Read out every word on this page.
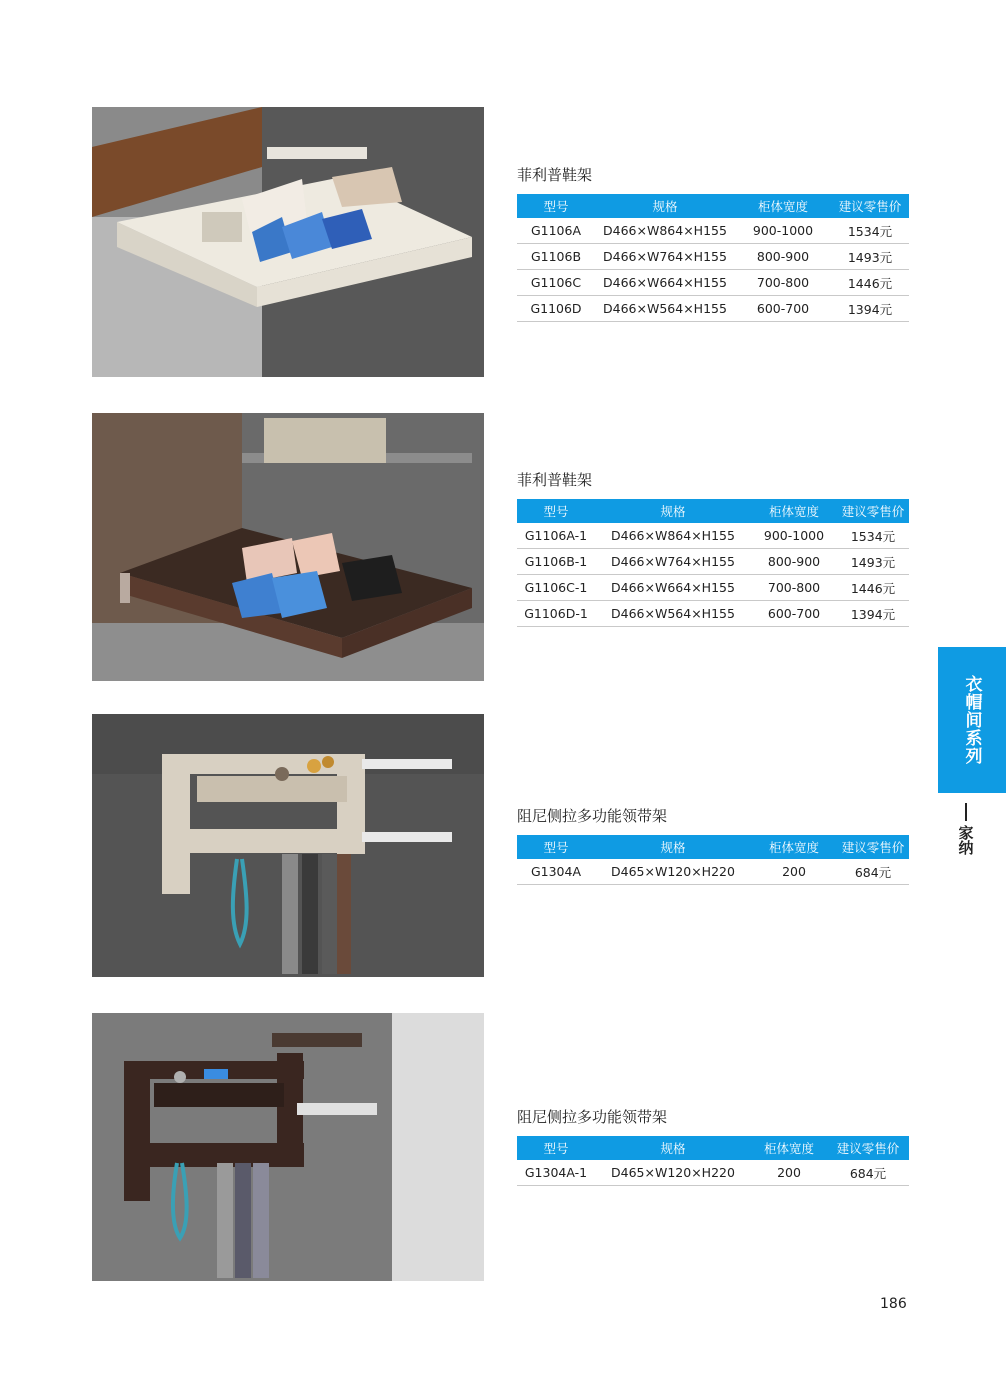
菲利普鞋架
型号	规格	柜体宽度	建议零售价
G1106A	D466×W864×H155	900-1000	1534元
G1106B	D466×W764×H155	800-900	1493元
G1106C	D466×W664×H155	700-800	1446元
G1106D	D466×W564×H155	600-700	1394元
菲利普鞋架
型号	规格	柜体宽度	建议零售价
G1106A-1	D466×W864×H155	900-1000	1534元
G1106B-1	D466×W764×H155	800-900	1493元
G1106C-1	D466×W664×H155	700-800	1446元
G1106D-1	D466×W564×H155	600-700	1394元
阻尼侧拉多功能领带架
型号	规格	柜体宽度	建议零售价
G1304A	D465×W120×H220	200	684元
阻尼侧拉多功能领带架
型号	规格	柜体宽度	建议零售价
G1304A-1	D465×W120×H220	200	684元
衣帽间系列
家纳
186
